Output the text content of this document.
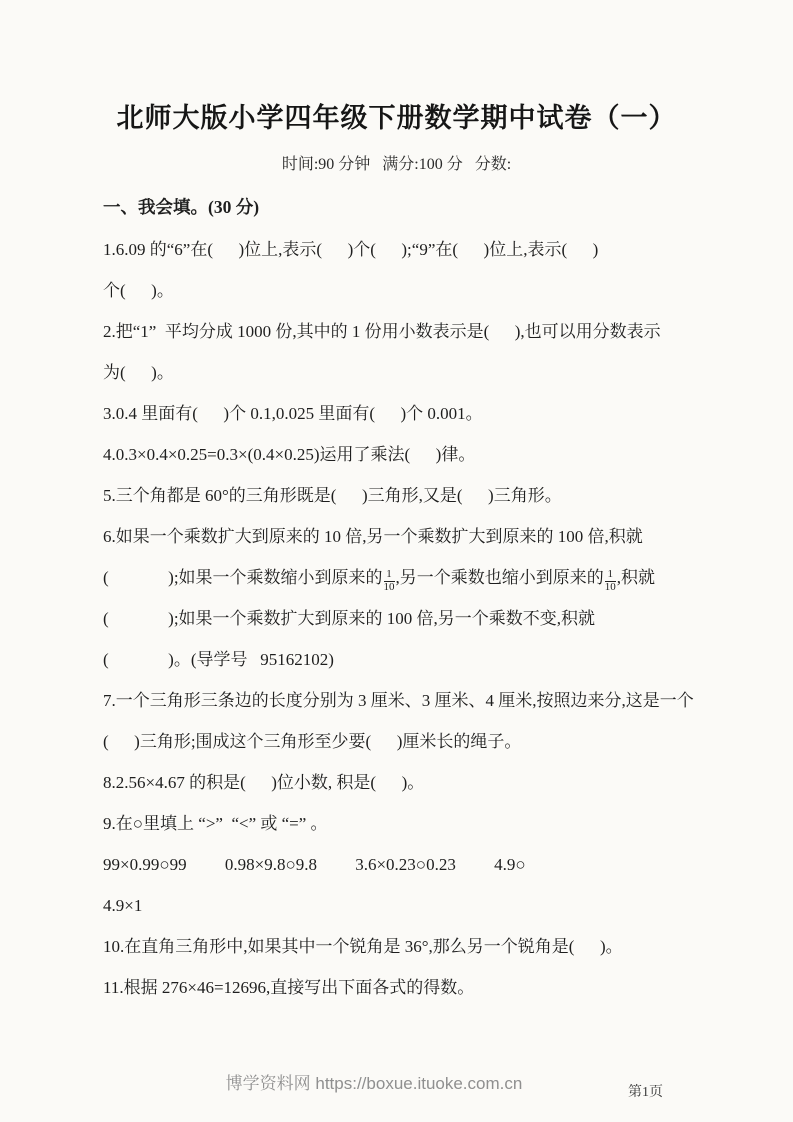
北师大版小学四年级下册数学期中试卷（一）
时间:90 分钟   满分:100 分   分数:
一、我会填。(30 分)
1.6.09 的“6”在(      )位上,表示(      )个(      );“9”在(      )位上,表示(      )
个(      )。
2.把“1”  平均分成 1000 份,其中的 1 份用小数表示是(      ),也可以用分数表示
为(      )。
3.0.4 里面有(      )个 0.1,0.025 里面有(      )个 0.001。
4.0.3×0.4×0.25=0.3×(0.4×0.25)运用了乘法(      )律。
5.三个角都是 60°的三角形既是(      )三角形,又是(      )三角形。
6.如果一个乘数扩大到原来的 10 倍,另一个乘数扩大到原来的 100 倍,积就
(              );如果一个乘数缩小到原来的 $\frac{1}{10}$ ,另一个乘数也缩小到原来的 $\frac{1}{10}$ ,积就
(              );如果一个乘数扩大到原来的 100 倍,另一个乘数不变,积就
(              )。(导学号   95162102)
7.一个三角形三条边的长度分别为 3 厘米、3 厘米、4 厘米,按照边来分,这是一个
(      )三角形;围成这个三角形至少要(      )厘米长的绳子。
8.2.56×4.67 的积是(      )位小数, 积是(      )。
9.在○里填上 “>”  “<” 或 “=” 。
99×0.99○99         0.98×9.8○9.8         3.6×0.23○0.23         4.9○
4.9×1
10.在直角三角形中,如果其中一个锐角是 36°,那么另一个锐角是(      )。
11.根据 276×46=12696,直接写出下面各式的得数。
博学资料网 https://boxue.ituoke.com.cn	第1页
